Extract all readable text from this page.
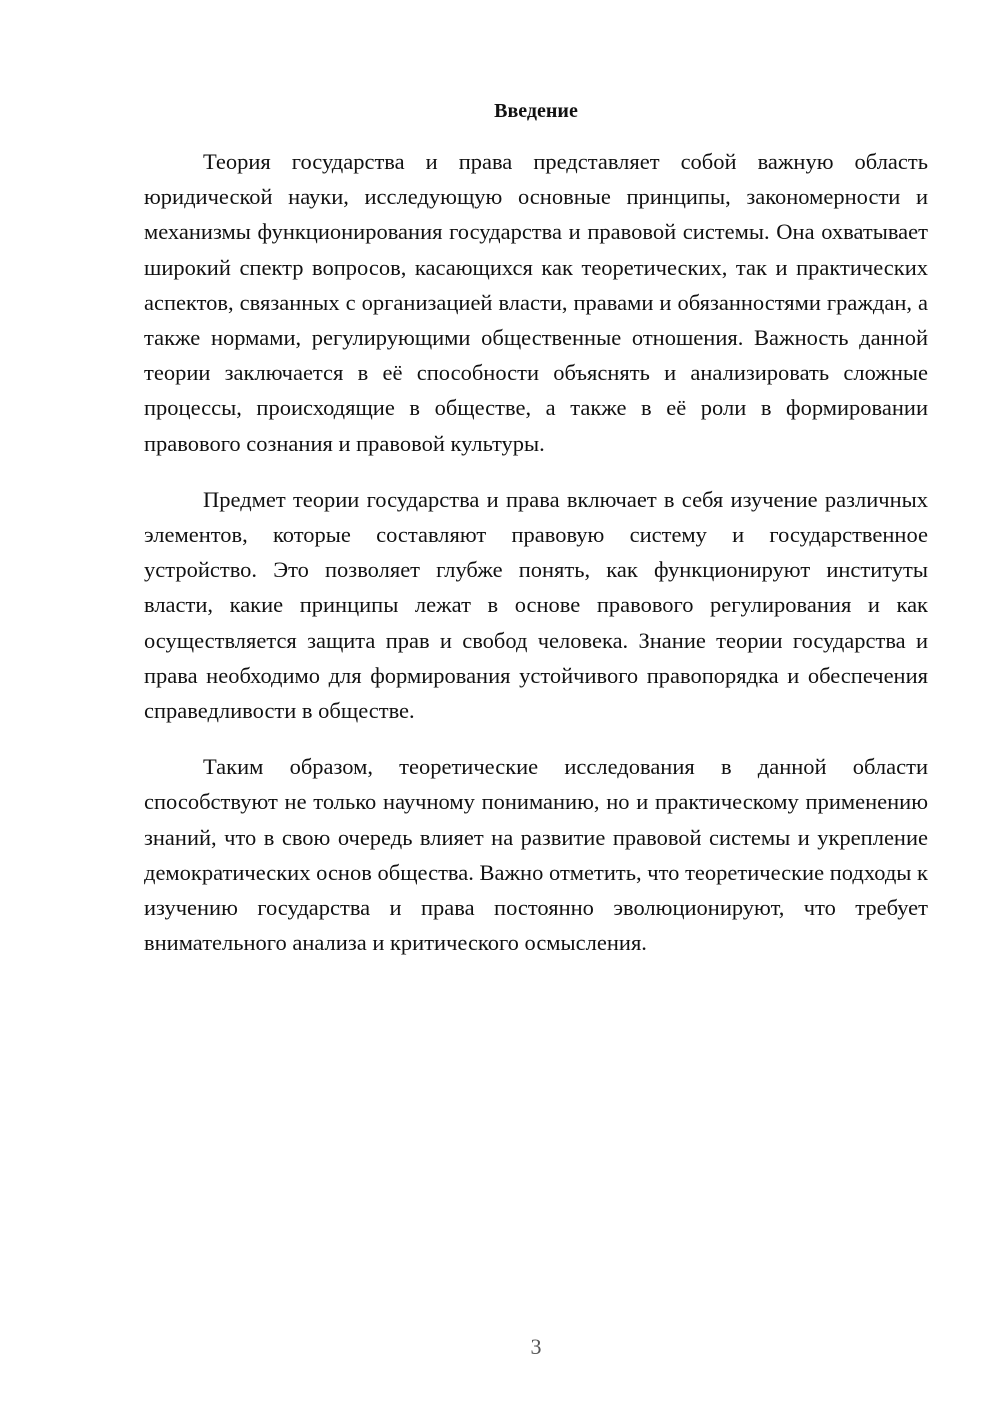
Введение

Теория государства и права представляет собой важную область юридической науки, исследующую основные принципы, закономерности и механизмы функционирования государства и правовой системы. Она охватывает широкий спектр вопросов, касающихся как теоретических, так и практических аспектов, связанных с организацией власти, правами и обязанностями граждан, а также нормами, регулирующими общественные отношения. Важность данной теории заключается в её способности объяснять и анализировать сложные процессы, происходящие в обществе, а также в её роли в формировании правового сознания и правовой культуры.

Предмет теории государства и права включает в себя изучение различных элементов, которые составляют правовую систему и государственное устройство. Это позволяет глубже понять, как функционируют институты власти, какие принципы лежат в основе правового регулирования и как осуществляется защита прав и свобод человека. Знание теории государства и права необходимо для формирования устойчивого правопорядка и обеспечения справедливости в обществе.

Таким образом, теоретические исследования в данной области способствуют не только научному пониманию, но и практическому применению знаний, что в свою очередь влияет на развитие правовой системы и укрепление демократических основ общества. Важно отметить, что теоретические подходы к изучению государства и права постоянно эволюционируют, что требует внимательного анализа и критического осмысления.

3
